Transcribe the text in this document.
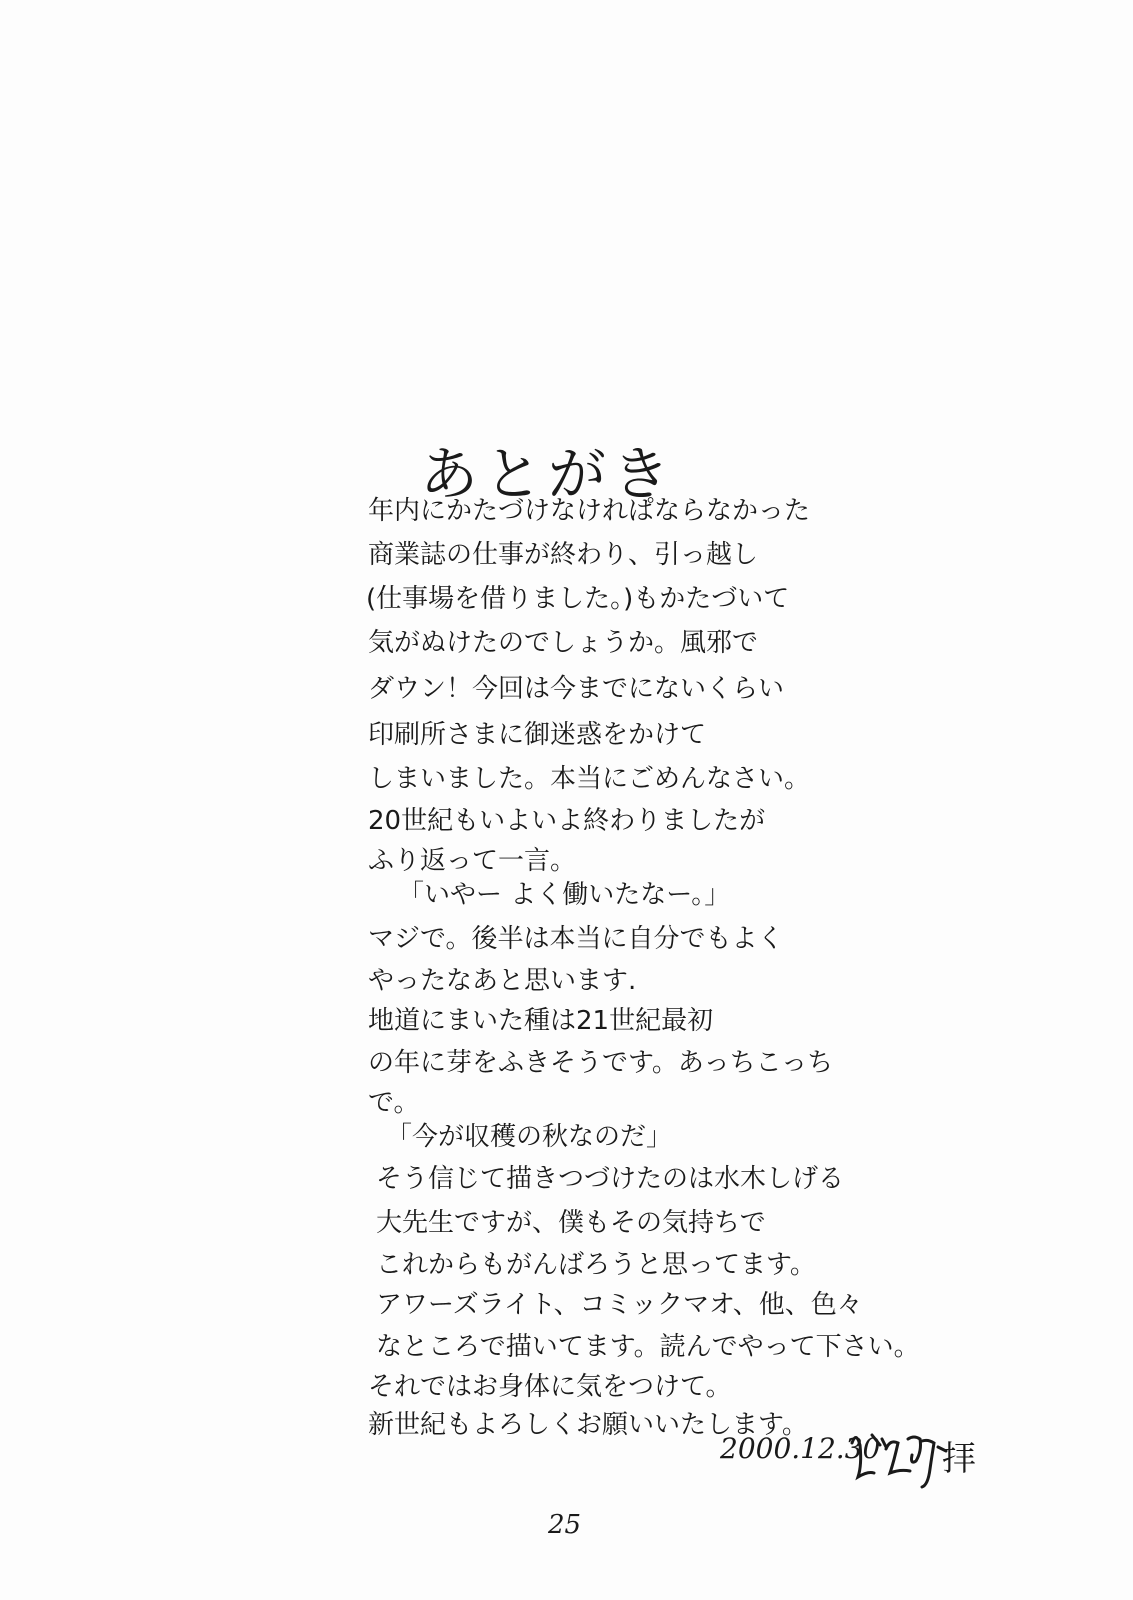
あとがき
年内にかたづけなけれぱならなかった
商業誌の仕事が終わり、引っ越し
(仕事場を借りました。)もかたづいて
気がぬけたのでしょうか。風邪で
ダウン！今回は今までにないくらい
印刷所さまに御迷惑をかけて
しまいました。本当にごめんなさい。
20世紀もいよいよ終わりましたが
ふり返って一言。
「いやー よく働いたなー。」
マジで。後半は本当に自分でもよく
やったなあと思います.
地道にまいた種は21世紀最初
の年に芽をふきそうです。あっちこっち
で。
「今が収穫の秋なのだ」
そう信じて描きつづけたのは水木しげる
大先生ですが、僕もその気持ちで
これからもがんばろうと思ってます。
アワーズライト、コミックマオ、他、色々
なところで描いてます。読んでやって下さい。
それではお身体に気をつけて。
新世紀もよろしくお願いいたします。
2000.12.30 拝
25
